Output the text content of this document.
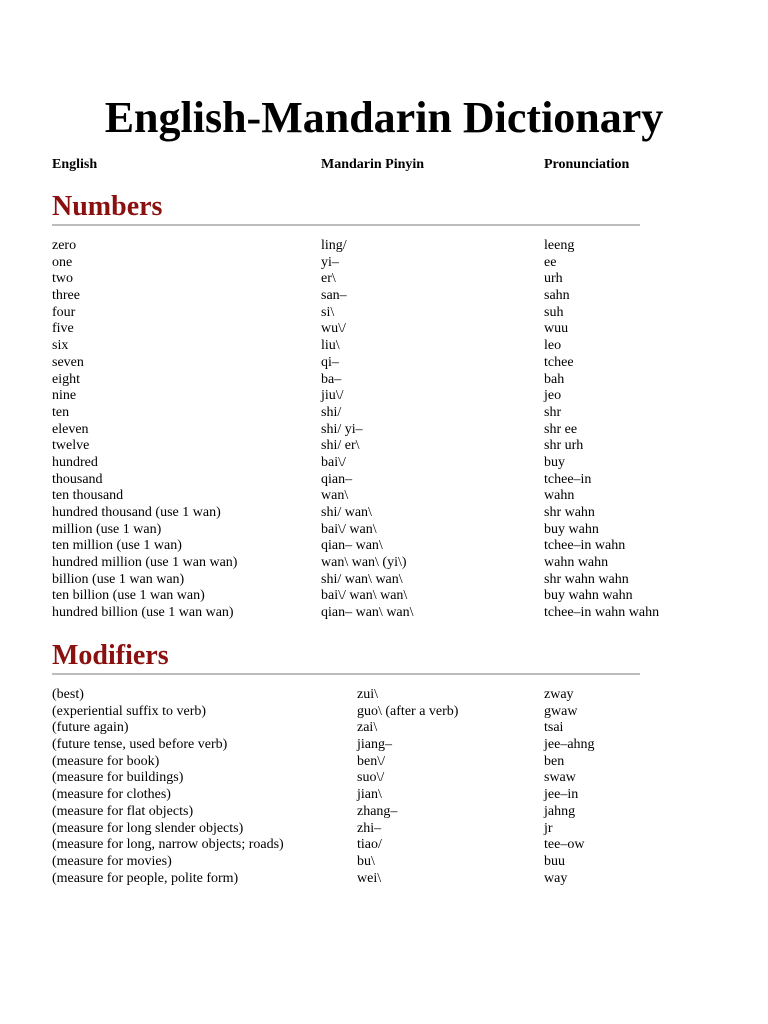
English-Mandarin Dictionary
English	Mandarin Pinyin	Pronunciation
Numbers
zero	ling/	leeng
one	yi–	ee
two	er\	urh
three	san–	sahn
four	si\	suh
five	wu\/	wuu
six	liu\	leo
seven	qi–	tchee
eight	ba–	bah
nine	jiu\/	jeo
ten	shi/	shr
eleven	shi/ yi–	shr ee
twelve	shi/ er\	shr urh
hundred	bai\/	buy
thousand	qian–	tchee–in
ten thousand	wan\	wahn
hundred thousand (use 1 wan)	shi/ wan\	shr wahn
million (use 1 wan)	bai\/ wan\	buy wahn
ten million (use 1 wan)	qian– wan\	tchee–in wahn
hundred million (use 1 wan wan)	wan\ wan\ (yi\)	wahn wahn
billion (use 1 wan wan)	shi/ wan\ wan\	shr wahn wahn
ten billion (use 1 wan wan)	bai\/ wan\ wan\	buy wahn wahn
hundred billion (use 1 wan wan)	qian– wan\ wan\	tchee–in wahn wahn
Modifiers
(best)	zui\	zway
(experiential suffix to verb)	guo\ (after a verb)	gwaw
(future again)	zai\	tsai
(future tense, used before verb)	jiang–	jee–ahng
(measure for book)	ben\/	ben
(measure for buildings)	suo\/	swaw
(measure for clothes)	jian\	jee–in
(measure for flat objects)	zhang–	jahng
(measure for long slender objects)	zhi–	jr
(measure for long, narrow objects; roads)	tiao/	tee–ow
(measure for movies)	bu\	buu
(measure for people, polite form)	wei\	way
